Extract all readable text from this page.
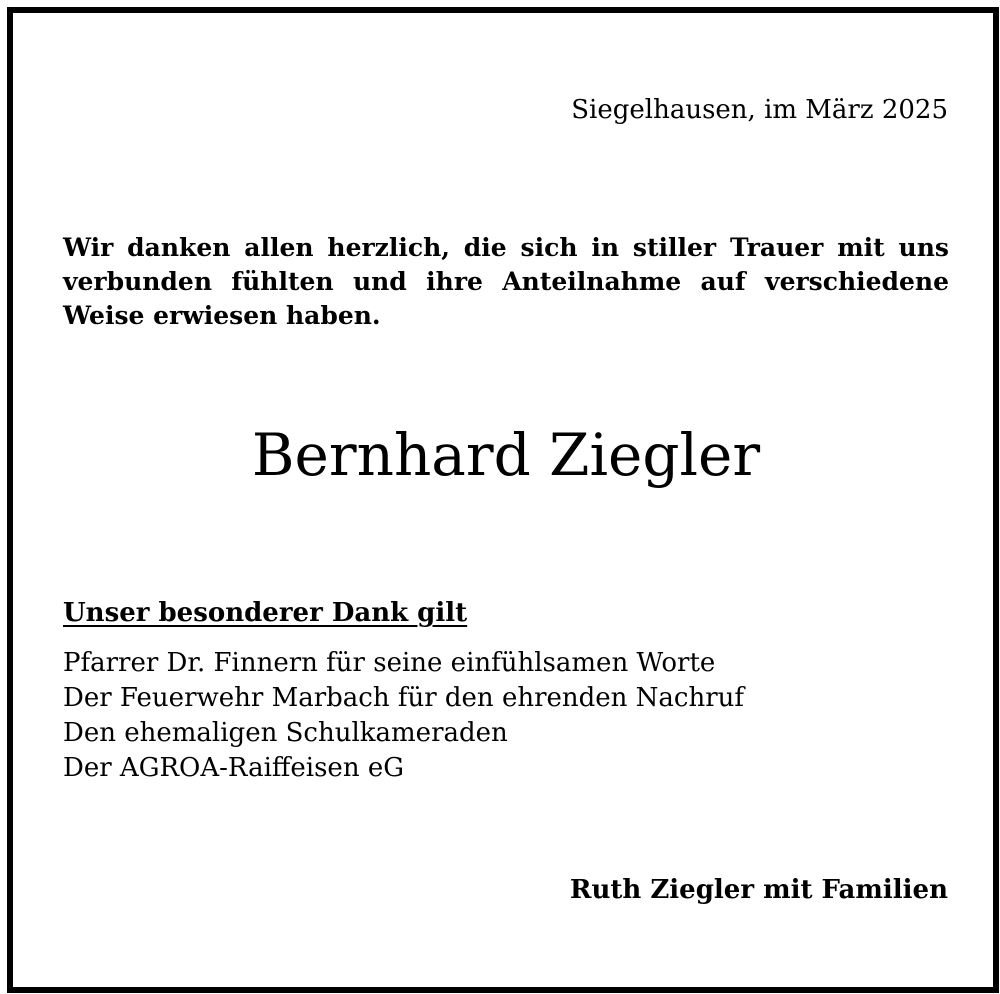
Siegelhausen, im März 2025
Wir danken allen herzlich, die sich in stiller Trauer mit uns verbunden fühlten und ihre Anteilnahme auf verschiedene Weise erwiesen haben.
Bernhard Ziegler
Unser besonderer Dank gilt
Pfarrer Dr. Finnern für seine einfühlsamen Worte
Der Feuerwehr Marbach für den ehrenden Nachruf
Den ehemaligen Schulkameraden
Der AGROA-Raiffeisen eG
Ruth Ziegler mit Familien
